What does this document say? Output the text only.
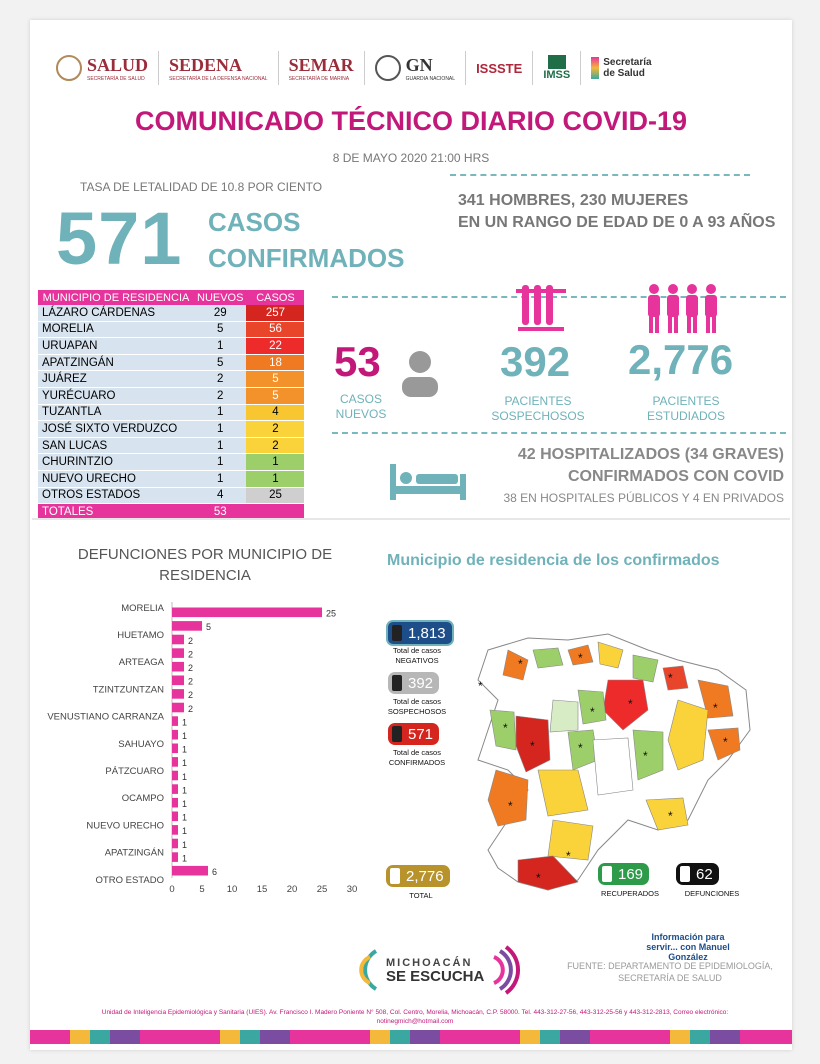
SALUD
SECRETARÍA DE SALUD
SEDENA
SECRETARÍA DE LA DEFENSA NACIONAL
SEMAR
SECRETARÍA DE MARINA
GN
GUARDIA NACIONAL
ISSSTE	IMSS
Secretaría de Salud
COMUNICADO TÉCNICO DIARIO COVID-19
8 DE MAYO 2020 21:00 HRS
TASA DE LETALIDAD DE 10.8 POR CIENTO
571 CASOS
CONFIRMADOS
341 HOMBRES, 230 MUJERES
EN UN RANGO DE EDAD DE 0 A 93 AÑOS
MUNICIPIO DE RESIDENCIA	NUEVOS	CASOS
LÁZARO CÁRDENAS	29	257
MORELIA	5	56
URUAPAN	1	22
APATZINGÁN	5	18
JUÁREZ	2	5
YURÉCUARO	2	5
TUZANTLA	1	4
JOSÉ SIXTO VERDUZCO	1	2
SAN LUCAS	1	2
CHURINTZIO	1	1
NUEVO URECHO	1	1
OTROS ESTADOS	4	25
TOTALES	53	
53
CASOS
NUEVOS
392
PACIENTES
SOSPECHOSOS
2,776
PACIENTES
ESTUDIADOS
42 HOSPITALIZADOS (34 GRAVES)
CONFIRMADOS CON COVID
38 EN HOSPITALES PÚBLICOS Y 4 EN PRIVADOS
DEFUNCIONES POR MUNICIPIO DE
RESIDENCIA
25
5
2
2
2
2
2
2
1
1
1
1
1
1
1
1
1
1
1
6
MORELIA
HUETAMO
ARTEAGA
TZINTZUNTZAN
VENUSTIANO CARRANZA
SAHUAYO
PÁTZCUARO
OCAMPO
NUEVO URECHO
APATZINGÁN
OTRO ESTADO
0	5 10 15 20 25 30
Municipio de residencia de los confirmados
*	*
*
*
*
*
*
*
*
*
*
*
*
*
*
*
1,813
Total de casos
NEGATIVOS
392
Total de casos
SOSPECHOSOS
571
Total de casos
CONFIRMADOS
2,776
TOTAL
169
RECUPERADOS
62
DEFUNCIONES
Información para servir... con Manuel González
MICHOACÁN
SE ESCUCHA
FUENTE: DEPARTAMENTO DE EPIDEMIOLOGÍA, SECRETARÍA DE SALUD
Unidad de Inteligencia Epidemiológica y Sanitaria (UIES). Av. Francisco I. Madero Poniente N° 508, Col. Centro, Morelia, Michoacán, C.P. 58000. Tel. 443-312-27-56, 443-312-25-56 y 443-312-2813, Correo electrónico: notinegmich@hotmail.com
